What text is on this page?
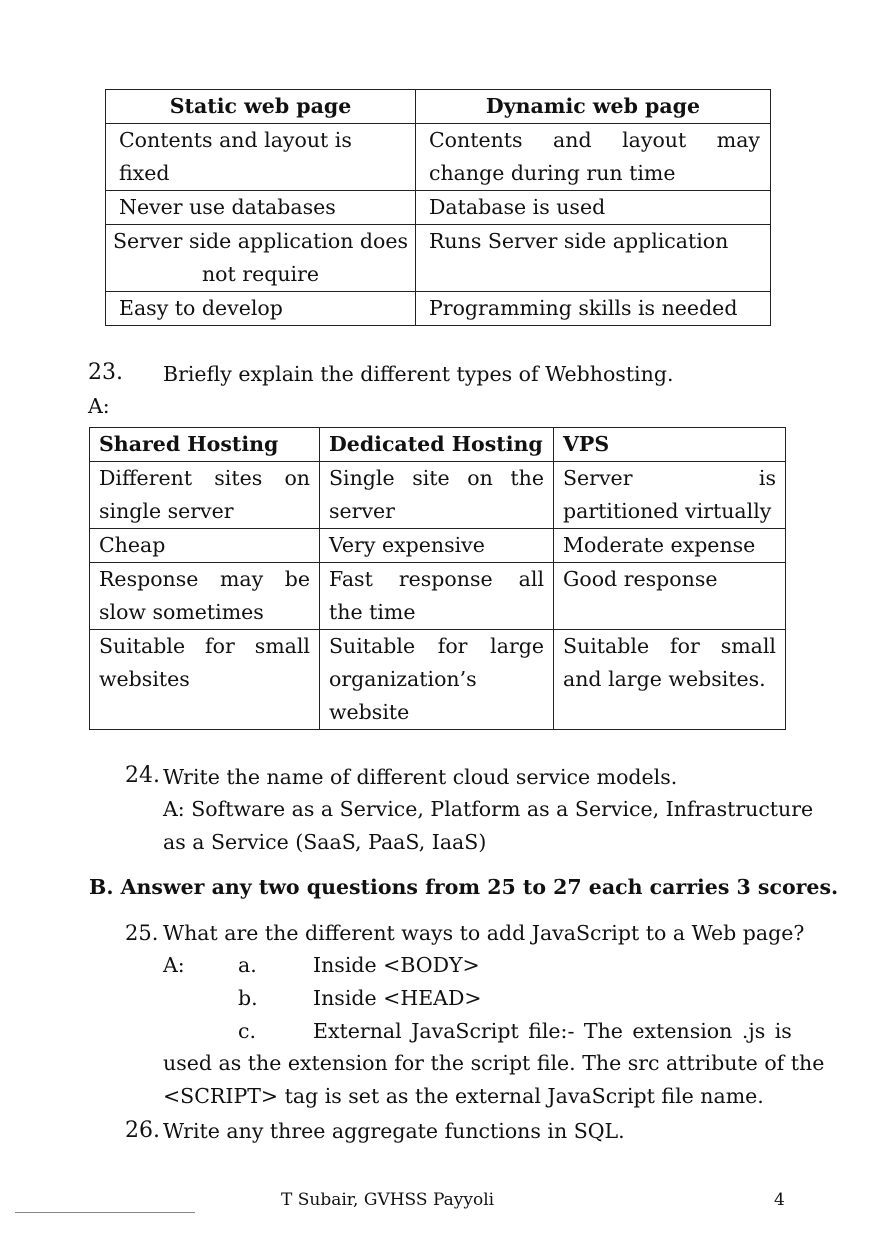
Static web page	Dynamic web page
Contents and layout is fixed	Contents and layout may change during run time

Never use databases	Database is used
Server side application does not require	Runs Server side application
Easy to develop	Programming skills is needed
23. Briefly explain the different types of Webhosting.
A:
Shared Hosting	Dedicated Hosting	VPS
Different sites on single server	Single site on the server	Server is partitioned virtually
Cheap	Very expensive	Moderate expense
Response may be slow sometimes	Fast response all the time	Good response
Suitable for small websites	Suitable for large organization’s website	Suitable for small and large websites.
24. Write the name of different cloud service models.
A: Software as a Service, Platform as a Service, Infrastructure
as a Service (SaaS, PaaS, IaaS)
B. Answer any two questions from 25 to 27 each carries 3 scores.
25. What are the different ways to add JavaScript to a Web page?
A:	a.	Inside <BODY>
b.	Inside <HEAD>
c.	External JavaScript file:- The extension .js is
used as the extension for the script file. The src attribute of the
<SCRIPT> tag is set as the external JavaScript file name.
26. Write any three aggregate functions in SQL.
T Subair, GVHSS Payyoli	4
